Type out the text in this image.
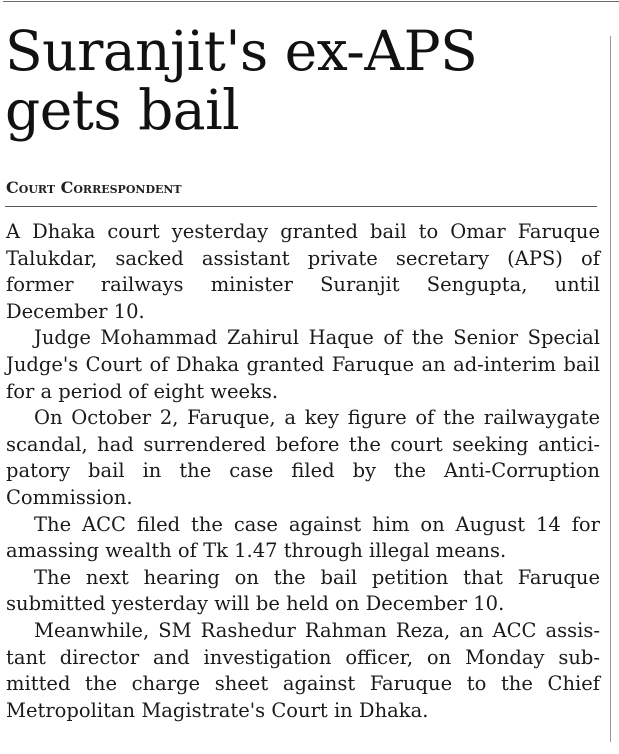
Suranjit's ex-APS gets bail
Court Correspondent

A Dhaka court yesterday granted bail to Omar Faruque Talukdar, sacked assistant private secretary (APS) of former railways minister Suranjit Sengupta, until December 10.

Judge Mohammad Zahirul Haque of the Senior Special Judge's Court of Dhaka granted Faruque an ad-interim bail for a period of eight weeks.

On October 2, Faruque, a key figure of the railwaygate scandal, had surrendered before the court seeking anticipatory bail in the case filed by the Anti-Corruption Commission.

The ACC filed the case against him on August 14 for amassing wealth of Tk 1.47 through illegal means.

The next hearing on the bail petition that Faruque submitted yesterday will be held on December 10.

Meanwhile, SM Rashedur Rahman Reza, an ACC assistant director and investigation officer, on Monday submitted the charge sheet against Faruque to the Chief Metropolitan Magistrate's Court in Dhaka.
